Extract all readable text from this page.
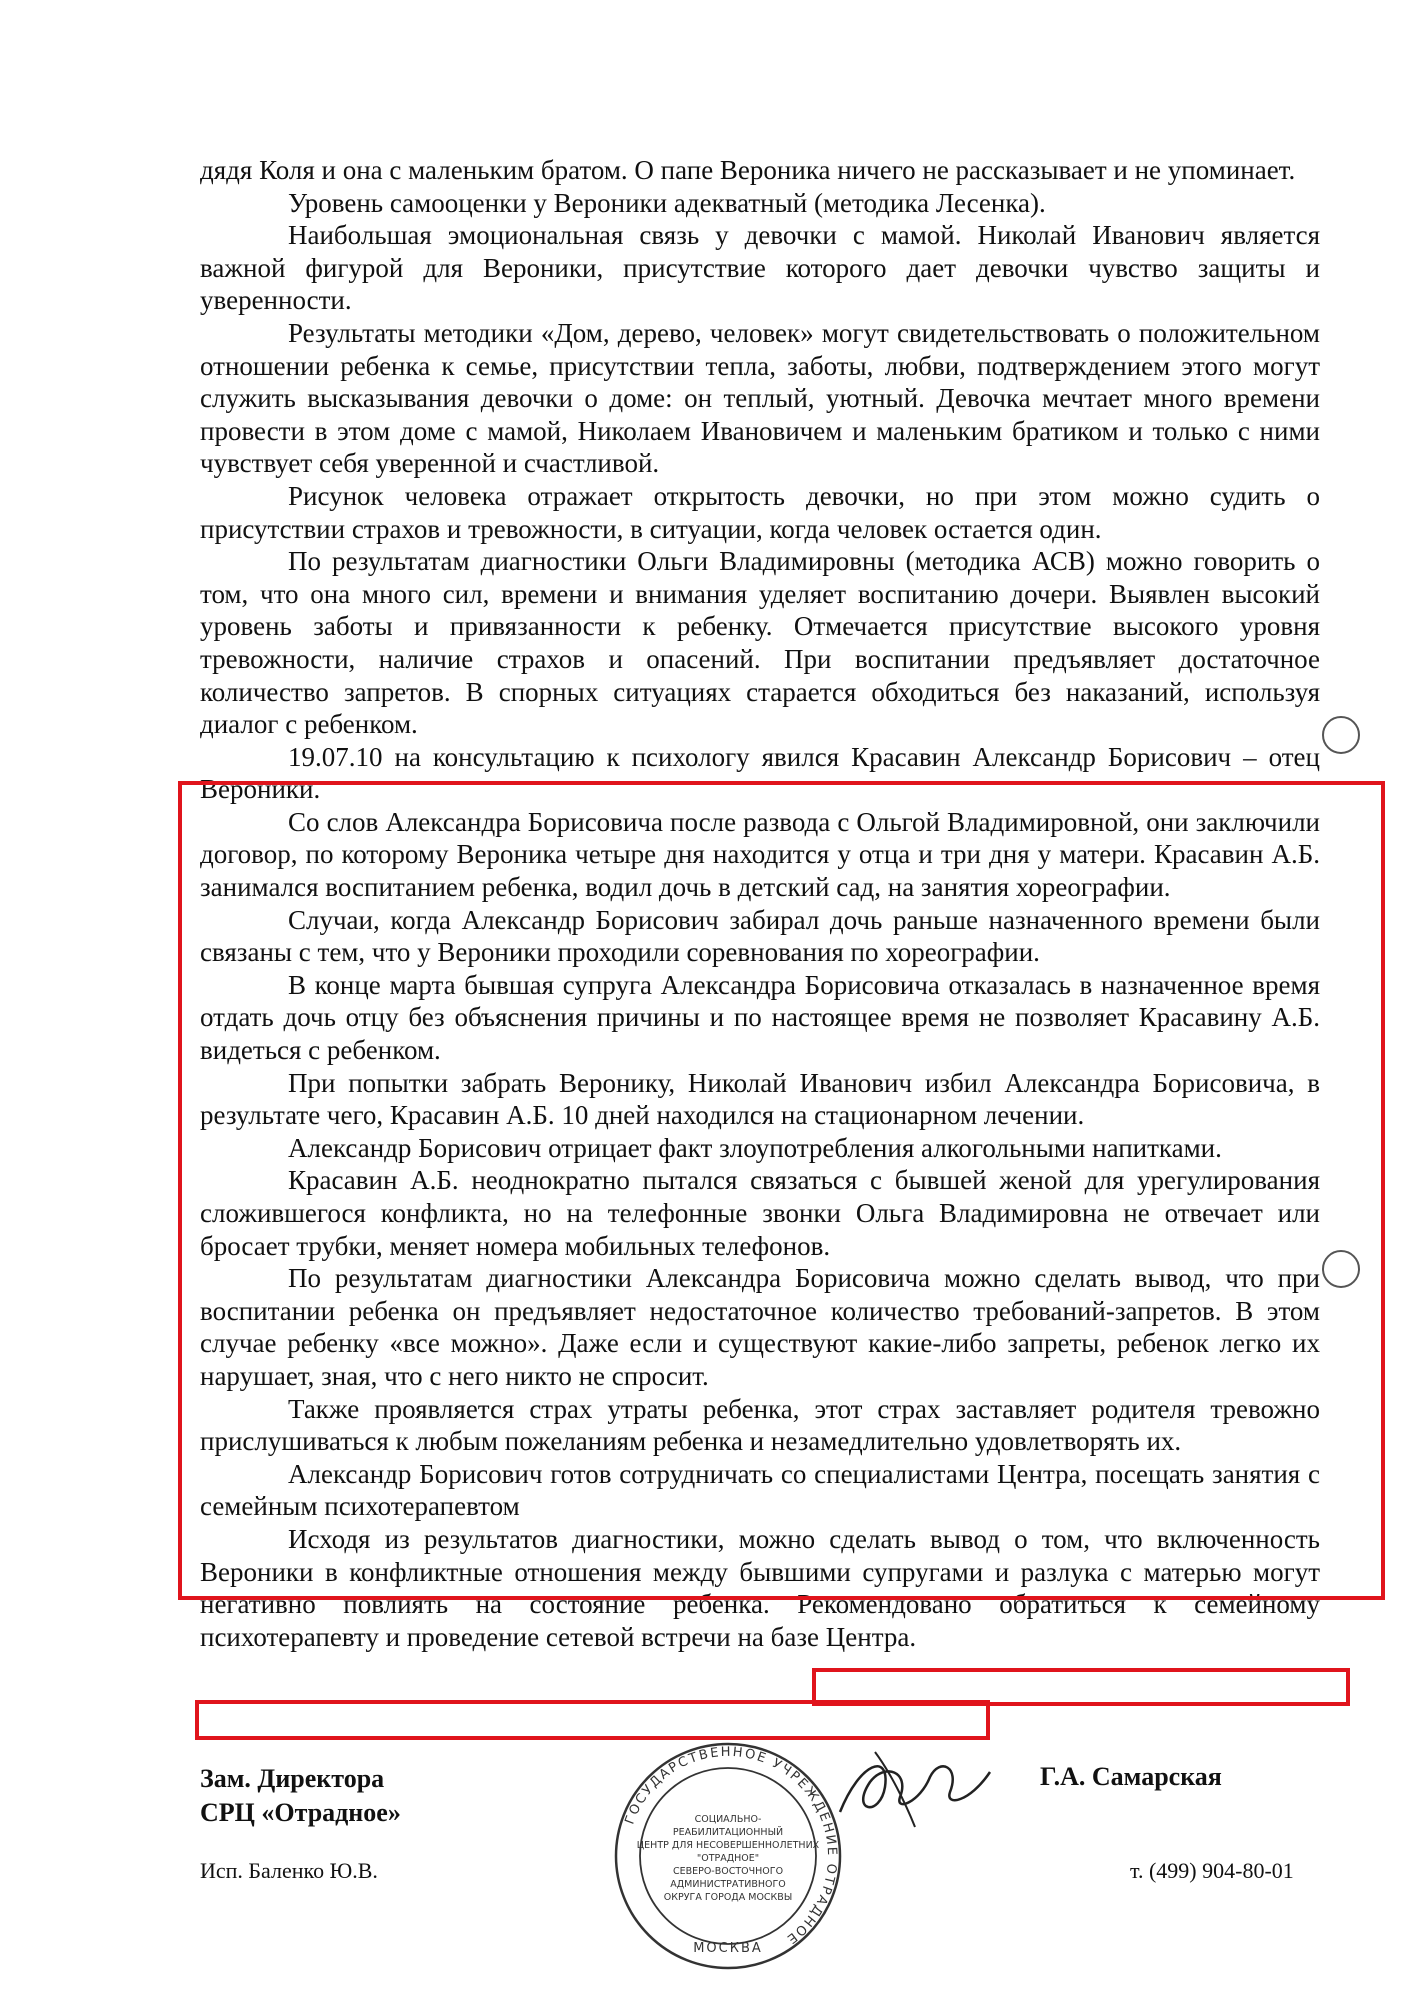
дядя Коля и она с маленьким братом. О папе Вероника ничего не рассказывает и не упоминает.

Уровень самооценки у Вероники адекватный (методика Лесенка).

Наибольшая эмоциональная связь у девочки с мамой. Николай Иванович является важной фигурой для Вероники, присутствие которого дает девочки чувство защиты и уверенности.

Результаты методики «Дом, дерево, человек» могут свидетельствовать о положительном отношении ребенка к семье, присутствии тепла, заботы, любви, подтверждением этого могут служить высказывания девочки о доме: он теплый, уютный. Девочка мечтает много времени провести в этом доме с мамой, Николаем Ивановичем и маленьким братиком и только с ними чувствует себя уверенной и счастливой.

Рисунок человека отражает открытость девочки, но при этом можно судить о присутствии страхов и тревожности, в ситуации, когда человек остается один.

По результатам диагностики Ольги Владимировны (методика АСВ) можно говорить о том, что она много сил, времени и внимания уделяет воспитанию дочери. Выявлен высокий уровень заботы и привязанности к ребенку. Отмечается присутствие высокого уровня тревожности, наличие страхов и опасений. При воспитании предъявляет достаточное количество запретов. В спорных ситуациях старается обходиться без наказаний, используя диалог с ребенком.

19.07.10 на консультацию к психологу явился Красавин Александр Борисович – отец Вероники.

Со слов Александра Борисовича после развода с Ольгой Владимировной, они заключили договор, по которому Вероника четыре дня находится у отца и три дня у матери. Красавин А.Б. занимался воспитанием ребенка, водил дочь в детский сад, на занятия хореографии.

Случаи, когда Александр Борисович забирал дочь раньше назначенного времени были связаны с тем, что у Вероники проходили соревнования по хореографии.

В конце марта бывшая супруга Александра Борисовича отказалась в назначенное время отдать дочь отцу без объяснения причины и по настоящее время не позволяет Красавину А.Б. видеться с ребенком.

При попытки забрать Веронику, Николай Иванович избил Александра Борисовича, в результате чего, Красавин А.Б. 10 дней находился на стационарном лечении.

Александр Борисович отрицает факт злоупотребления алкогольными напитками.

Красавин А.Б. неоднократно пытался связаться с бывшей женой для урегулирования сложившегося конфликта, но на телефонные звонки Ольга Владимировна не отвечает или бросает трубки, меняет номера мобильных телефонов.

По результатам диагностики Александра Борисовича можно сделать вывод, что при воспитании ребенка он предъявляет недостаточное количество требований-запретов. В этом случае ребенку «все можно». Даже если и существуют какие-либо запреты, ребенок легко их нарушает, зная, что с него никто не спросит.

Также проявляется страх утраты ребенка, этот страх заставляет родителя тревожно прислушиваться к любым пожеланиям ребенка и незамедлительно удовлетворять их.

Александр Борисович готов сотрудничать со специалистами Центра, посещать занятия с семейным психотерапевтом

Исходя из результатов диагностики, можно сделать вывод о том, что включенность Вероники в конфликтные отношения между бывшими супругами и разлука с матерью могут негативно повлиять на состояние ребенка. Рекомендовано обратиться к семейному психотерапевту и проведение сетевой встречи на базе Центра.

Зам. Директора
СРЦ «Отрадное»
Г.А. Самарская
Исп. Баленко Ю.В.	т. (499) 904-80-01
ГОСУДАРСТВЕННОЕ УЧРЕЖДЕНИЕ ОТРАДНОЕ
МОСКВА
СОЦИАЛЬНО-
РЕАБИЛИТАЦИОННЫЙ
ЦЕНТР ДЛЯ НЕСОВЕРШЕННОЛЕТНИХ
"ОТРАДНОЕ"
СЕВЕРО-ВОСТОЧНОГО
АДМИНИСТРАТИВНОГО
ОКРУГА ГОРОДА МОСКВЫ
